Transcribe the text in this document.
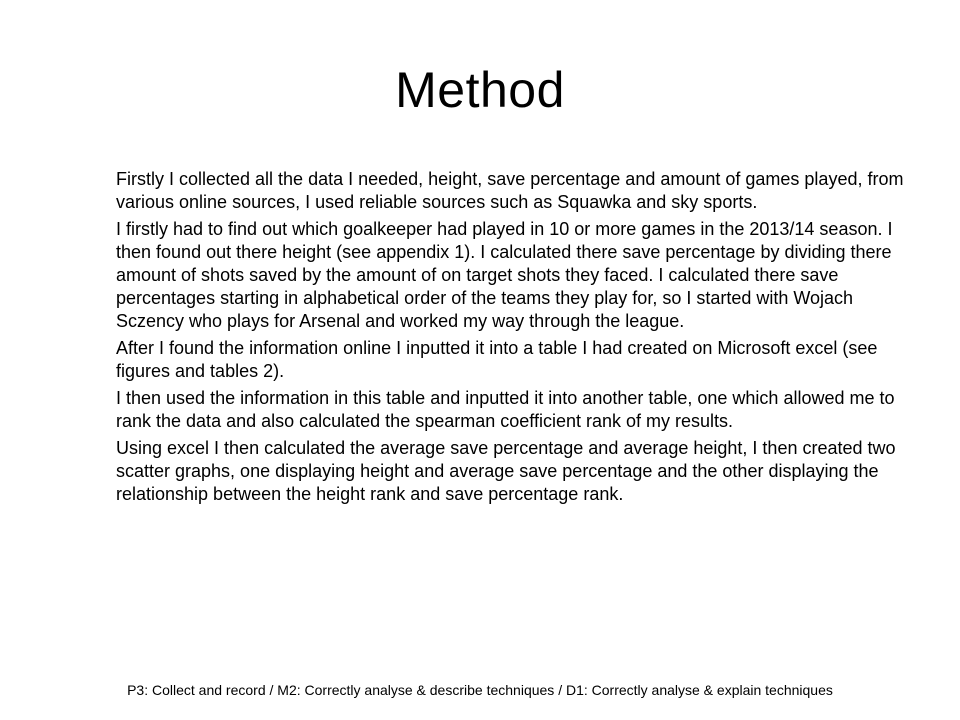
Method
Firstly I collected all the data I needed, height, save percentage and amount of games played, from various online sources, I used reliable sources such as Squawka and sky sports.
I firstly had to find out which goalkeeper had played in 10 or more games in the 2013/14 season. I then found out there height (see appendix 1). I calculated there save percentage by dividing there amount of shots saved by the amount of on target shots they faced. I calculated there save percentages starting in alphabetical order of the teams they play for, so I started with Wojach Sczency who plays for Arsenal and worked my way through the league.
After I found the information online I inputted it into a table I had created on Microsoft excel (see figures and tables 2).
I then used the information in this table and inputted it into another table, one which allowed me to rank the data and also calculated the spearman coefficient rank of my results.
Using excel I then calculated the average save percentage and average height, I then created two scatter graphs, one displaying height and average save percentage and the other displaying the relationship between the height rank and save percentage rank.
P3: Collect and record / M2: Correctly analyse & describe techniques / D1: Correctly analyse & explain techniques
